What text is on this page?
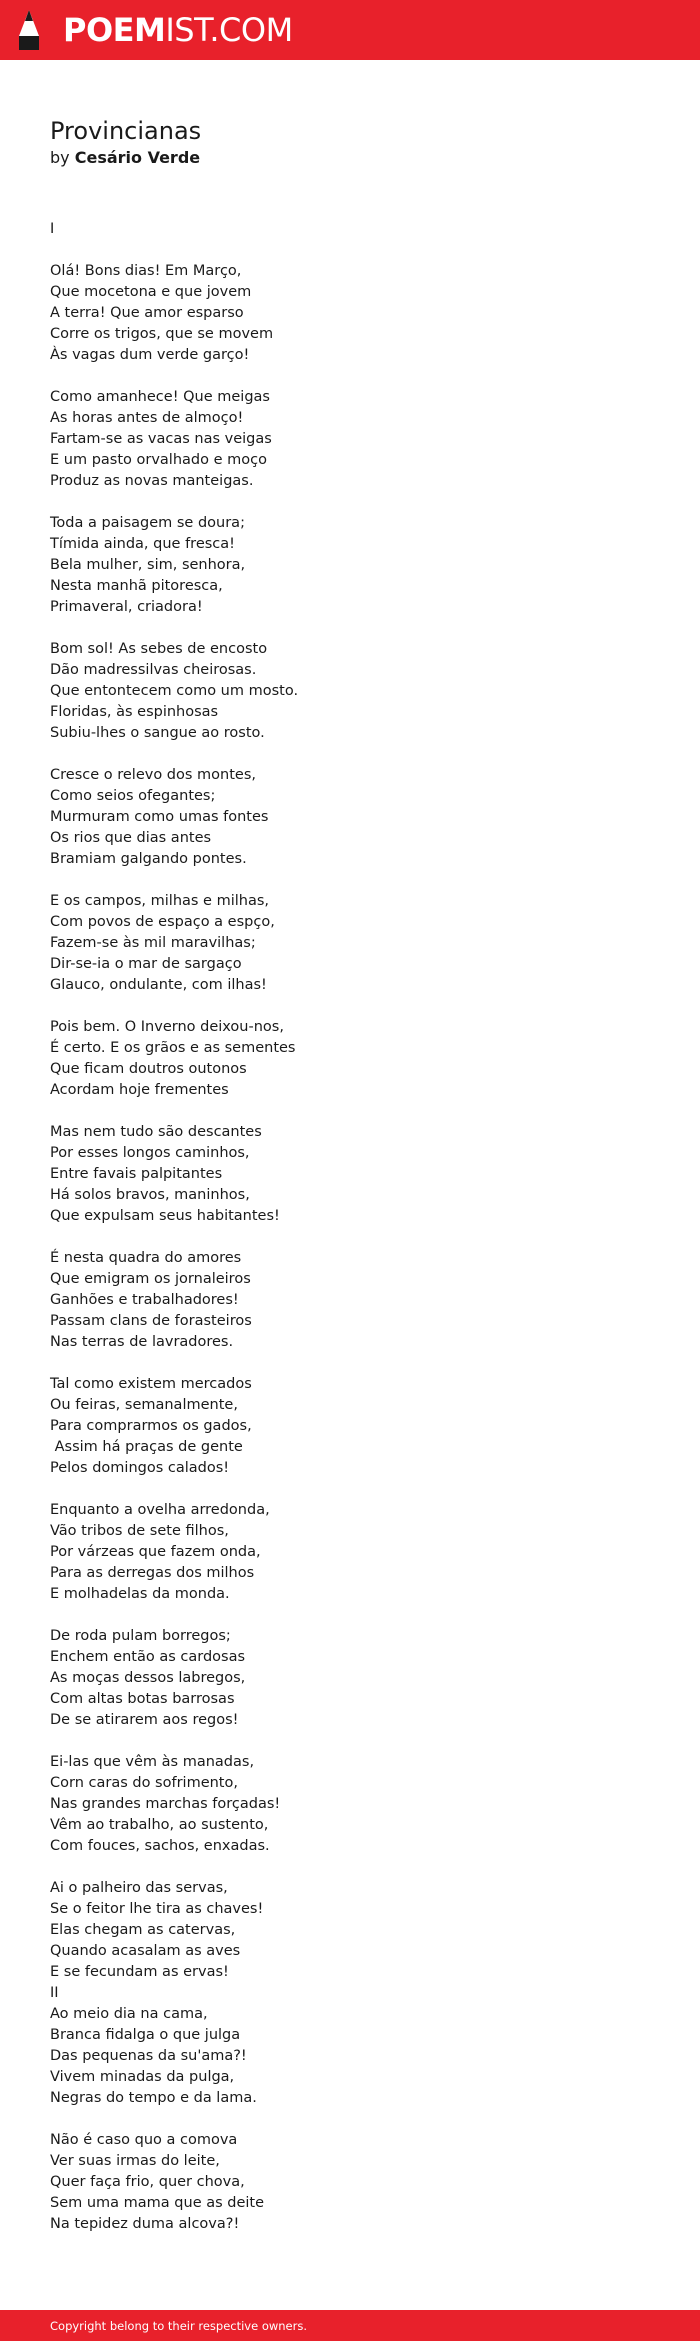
POEMIST.COM
Provincianas
by Cesário Verde
I

Olá! Bons dias! Em Março,
Que mocetona e que jovem
A terra! Que amor esparso
Corre os trigos, que se movem
Às vagas dum verde garço!

Como amanhece! Que meigas
As horas antes de almoço!
Fartam-se as vacas nas veigas
E um pasto orvalhado e moço
Produz as novas manteigas.

Toda a paisagem se doura;
Tímida ainda, que fresca!
Bela mulher, sim, senhora,
Nesta manhã pitoresca,
Primaveral, criadora!

Bom sol! As sebes de encosto
Dão madressilvas cheirosas.
Que entontecem como um mosto.
Floridas, às espinhosas
Subiu-lhes o sangue ao rosto.

Cresce o relevo dos montes,
Como seios ofegantes;
Murmuram como umas fontes
Os rios que dias antes
Bramiam galgando pontes.

E os campos, milhas e milhas,
Com povos de espaço a espço,
Fazem-se às mil maravilhas;
Dir-se-ia o mar de sargaço
Glauco, ondulante, com ilhas!

Pois bem. O Inverno deixou-nos,
É certo. E os grãos e as sementes
Que ficam doutros outonos
Acordam hoje frementes

Mas nem tudo são descantes
Por esses longos caminhos,
Entre favais palpitantes
Há solos bravos, maninhos,
Que expulsam seus habitantes!

É nesta quadra do amores
Que emigram os jornaleiros
Ganhões e trabalhadores!
Passam clans de forasteiros
Nas terras de lavradores.

Tal como existem mercados
Ou feiras, semanalmente,
Para comprarmos os gados,
Assim há praças de gente
Pelos domingos calados!

Enquanto a ovelha arredonda,
Vão tribos de sete filhos,
Por várzeas que fazem onda,
Para as derregas dos milhos
E molhadelas da monda.

De roda pulam borregos;
Enchem então as cardosas
As moças dessos labregos,
Com altas botas barrosas
De se atirarem aos regos!

Ei-las que vêm às manadas,
Corn caras do sofrimento,
Nas grandes marchas forçadas!
Vêm ao trabalho, ao sustento,
Com fouces, sachos, enxadas.

Ai o palheiro das servas,
Se o feitor lhe tira as chaves!
Elas chegam as catervas,
Quando acasalam as aves
E se fecundam as ervas!
II
Ao meio dia na cama,
Branca fidalga o que julga
Das pequenas da su'ama?!
Vivem minadas da pulga,
Negras do tempo e da lama.

Não é caso quo a comova
Ver suas irmas do leite,
Quer faça frio, quer chova,
Sem uma mama que as deite
Na tepidez duma alcova?!
Copyright belong to their respective owners.
